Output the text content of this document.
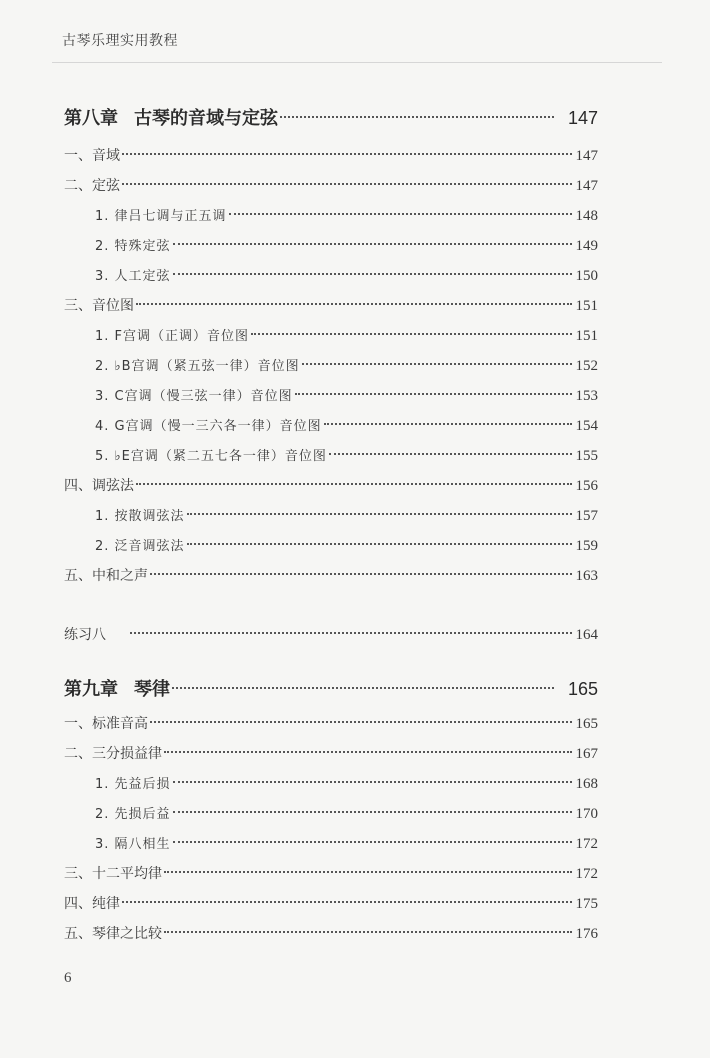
古琴乐理实用教程
第八章 古琴的音域与定弦	147
一、音域	147
二、定弦	147
1. 律吕七调与正五调	148
2. 特殊定弦	149
3. 人工定弦	150
三、音位图	151
1. F宫调（正调）音位图	151
2. ♭B宫调（紧五弦一律）音位图	152
3. C宫调（慢三弦一律）音位图	153
4. G宫调（慢一三六各一律）音位图	154
5. ♭E宫调（紧二五七各一律）音位图	155
四、调弦法	156
1. 按散调弦法	157
2. 泛音调弦法	159
五、中和之声	163
练习八	164
第九章 琴律	165
一、标准音高	165
二、三分损益律	167
1. 先益后损	168
2. 先损后益	170
3. 隔八相生	172
三、十二平均律	172
四、纯律	175
五、琴律之比较	176
6
